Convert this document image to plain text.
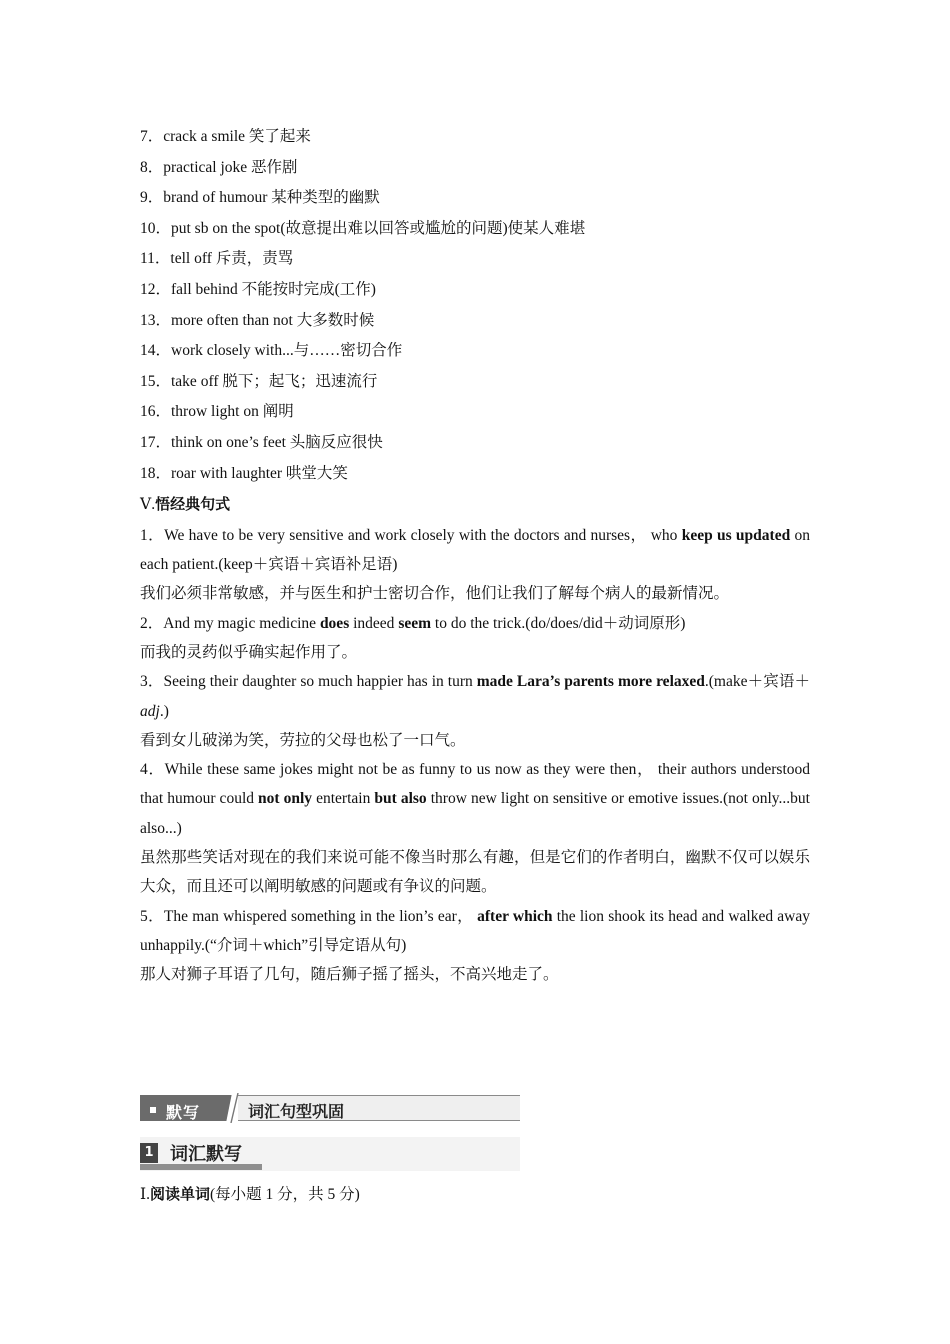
7．crack a smile 笑了起来
8．practical joke 恶作剧
9．brand of humour 某种类型的幽默
10．put sb on the spot(故意提出难以回答或尴尬的问题)使某人难堪
11．tell off 斥责，责骂
12．fall behind 不能按时完成(工作)
13．more often than not 大多数时候
14．work closely with...与……密切合作
15．take off 脱下；起飞；迅速流行
16．throw light on 阐明
17．think on one’s feet 头脑反应很快
18．roar with laughter 哄堂大笑
Ⅴ.悟经典句式
1．We have to be very sensitive and work closely with the doctors and nurses， who keep us updated on each patient.(keep＋宾语＋宾语补足语)
我们必须非常敏感，并与医生和护士密切合作，他们让我们了解每个病人的最新情况。
2．And my magic medicine does indeed seem to do the trick.(do/does/did＋动词原形)
而我的灵药似乎确实起作用了。
3．Seeing their daughter so much happier has in turn made Lara’s parents more relaxed.(make＋宾语＋adj.)
看到女儿破涕为笑，劳拉的父母也松了一口气。
4．While these same jokes might not be as funny to us now as they were then， their authors understood that humour could not only entertain but also throw new light on sensitive or emotive issues.(not only...but also...)
虽然那些笑话对现在的我们来说可能不像当时那么有趣，但是它们的作者明白，幽默不仅可以娱乐大众，而且还可以阐明敏感的问题或有争议的问题。
5．The man whispered something in the lion’s ear， after which the lion shook its head and walked away unhappily.(“介词＋which”引导定语从句)
那人对狮子耳语了几句，随后狮子摇了摇头，不高兴地走了。
默写	词汇句型巩固
1 词汇默写
Ⅰ.阅读单词(每小题 1 分，共 5 分)
